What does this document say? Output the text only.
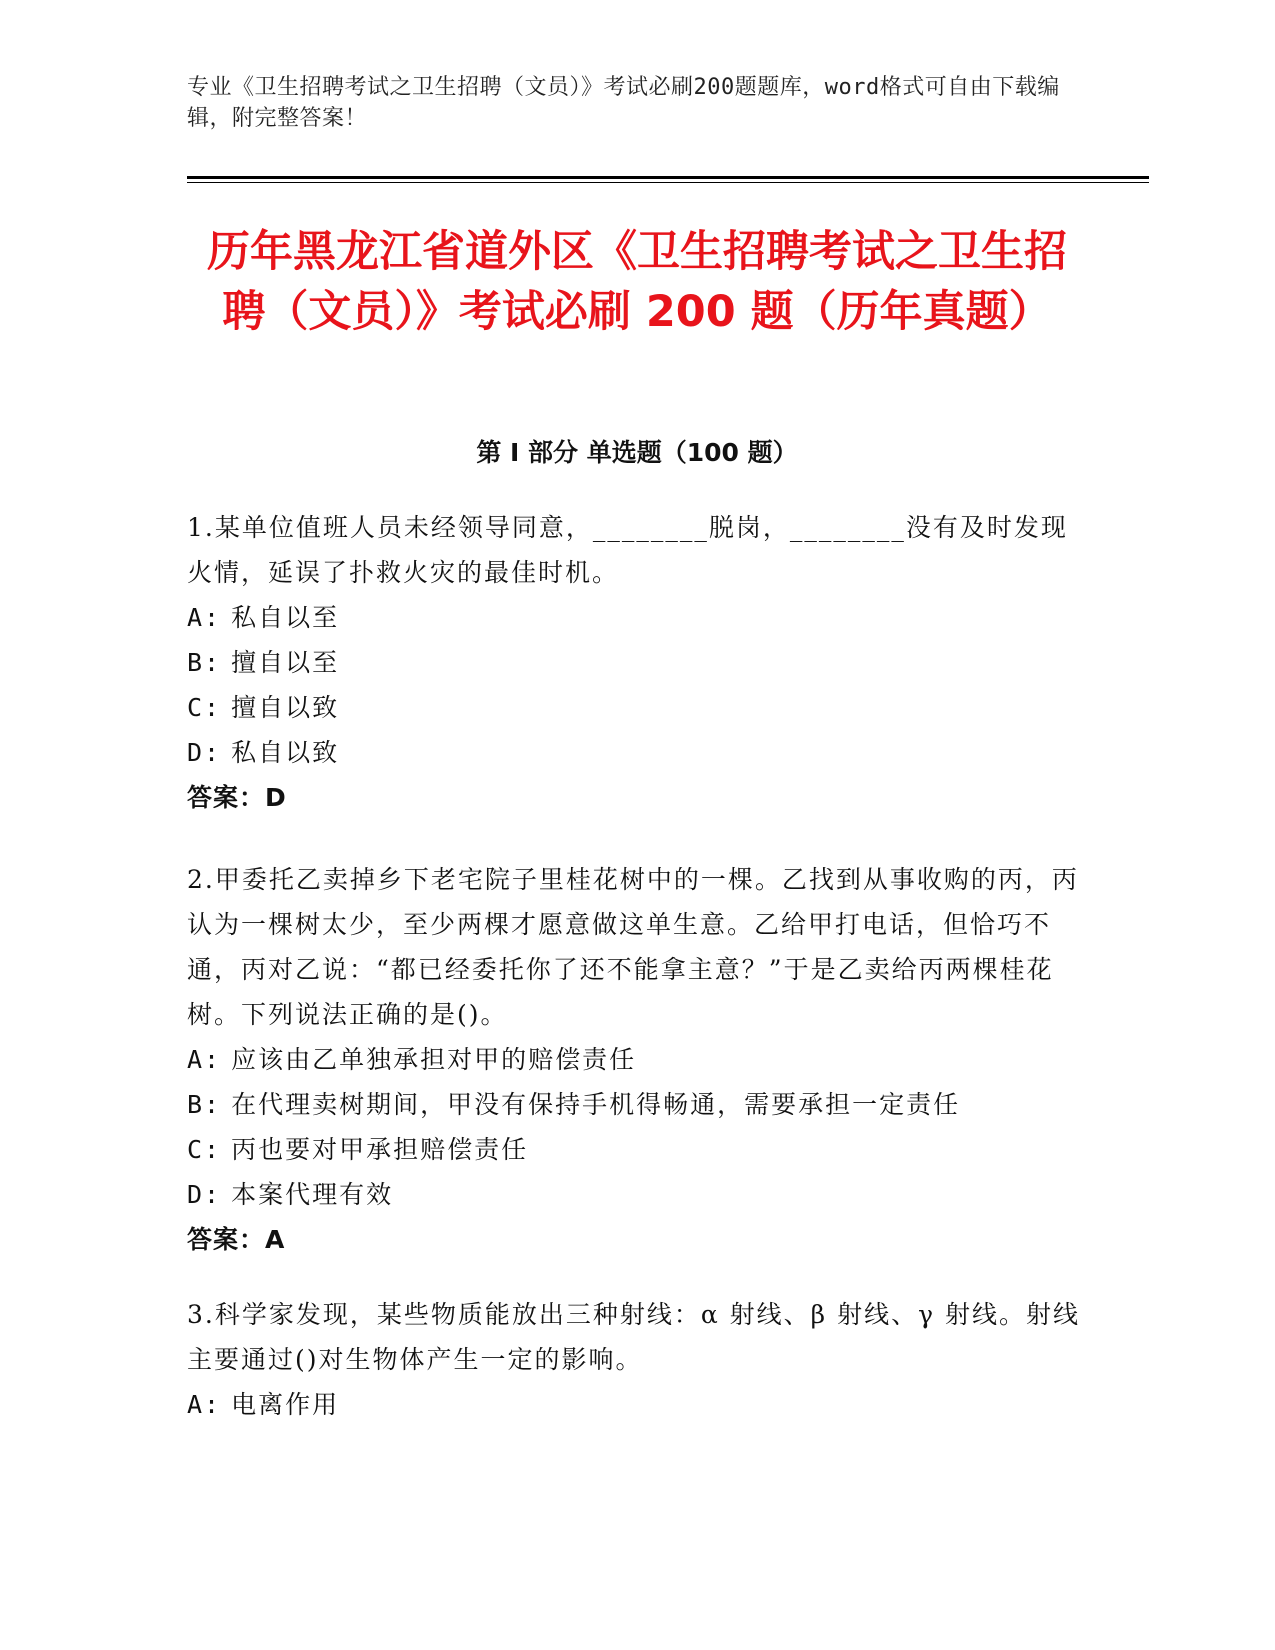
专业《卫生招聘考试之卫生招聘（文员）》考试必刷200题题库，word格式可自由下载编辑，附完整答案！
历年黑龙江省道外区《卫生招聘考试之卫生招聘（文员）》考试必刷 200 题（历年真题）
第 I 部分 单选题（100 题）

1.某单位值班人员未经领导同意，________脱岗，________没有及时发现火情，延误了扑救火灾的最佳时机。

A: 私自以至

B: 擅自以至

C: 擅自以致

D: 私自以致

答案：D

2.甲委托乙卖掉乡下老宅院子里桂花树中的一棵。乙找到从事收购的丙，丙认为一棵树太少，至少两棵才愿意做这单生意。乙给甲打电话，但恰巧不通，丙对乙说：“都已经委托你了还不能拿主意？”于是乙卖给丙两棵桂花树。下列说法正确的是()。

A: 应该由乙单独承担对甲的赔偿责任

B: 在代理卖树期间，甲没有保持手机得畅通，需要承担一定责任

C: 丙也要对甲承担赔偿责任

D: 本案代理有效

答案：A

3.科学家发现，某些物质能放出三种射线：α 射线、β 射线、γ 射线。射线主要通过()对生物体产生一定的影响。

A: 电离作用
